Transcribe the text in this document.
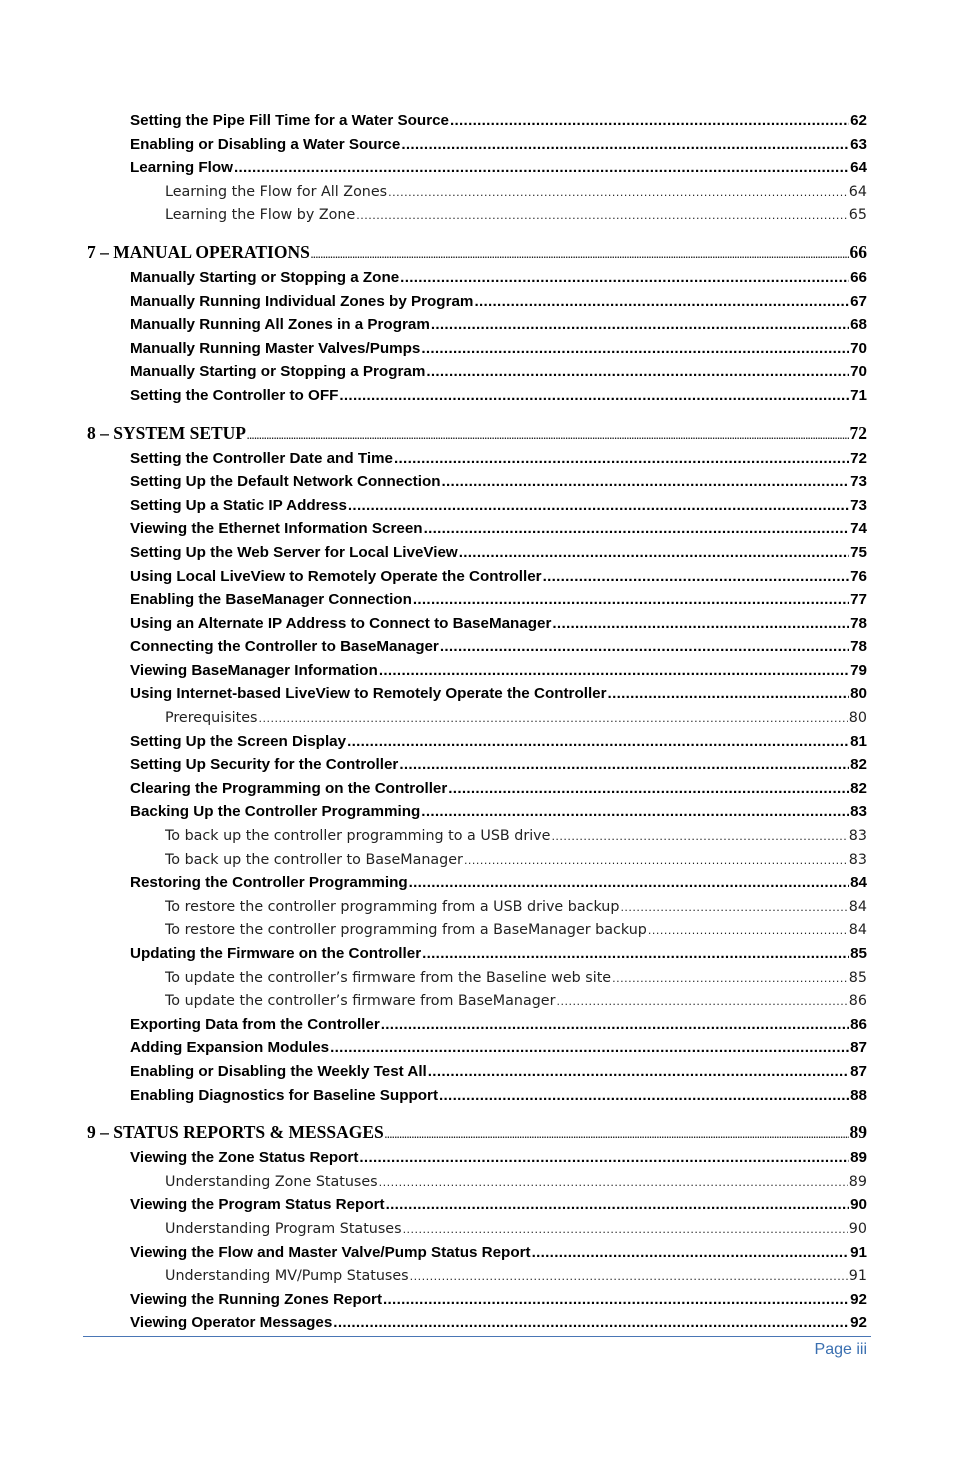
Setting the Pipe Fill Time for a Water Source .....	62
Enabling or Disabling a Water Source .....	63
Learning Flow .....	64
Learning the Flow for All Zones .....	64
Learning the Flow by Zone .....	65
7 – MANUAL OPERATIONS .....	66
Manually Starting or Stopping a Zone .....	66
Manually Running Individual Zones by Program .....	67
Manually Running All Zones in a Program .....	68
Manually Running Master Valves/Pumps .....	70
Manually Starting or Stopping a Program .....	70
Setting the Controller to OFF .....	71
8 – SYSTEM SETUP .....	72
Setting the Controller Date and Time .....	72
Setting Up the Default Network Connection .....	73
Setting Up a Static IP Address .....	73
Viewing the Ethernet Information Screen .....	74
Setting Up the Web Server for Local LiveView .....	75
Using Local LiveView to Remotely Operate the Controller .....	76
Enabling the BaseManager Connection .....	77
Using an Alternate IP Address to Connect to BaseManager .....	78
Connecting the Controller to BaseManager .....	78
Viewing BaseManager Information .....	79
Using Internet-based LiveView to Remotely Operate the Controller .....	80
Prerequisites .....	80
Setting Up the Screen Display .....	81
Setting Up Security for the Controller .....	82
Clearing the Programming on the Controller .....	82
Backing Up the Controller Programming .....	83
To back up the controller programming to a USB drive .....	83
To back up the controller to BaseManager .....	83
Restoring the Controller Programming .....	84
To restore the controller programming from a USB drive backup .....	84
To restore the controller programming from a BaseManager backup .....	84
Updating the Firmware on the Controller .....	85
To update the controller’s firmware from the Baseline web site .....	85
To update the controller’s firmware from BaseManager .....	86
Exporting Data from the Controller .....	86
Adding Expansion Modules .....	87
Enabling or Disabling the Weekly Test All .....	87
Enabling Diagnostics for Baseline Support .....	88
9 – STATUS REPORTS & MESSAGES .....	89
Viewing the Zone Status Report .....	89
Understanding Zone Statuses .....	89
Viewing the Program Status Report .....	90
Understanding Program Statuses .....	90
Viewing the Flow and Master Valve/Pump Status Report .....	91
Understanding MV/Pump Statuses .....	91
Viewing the Running Zones Report .....	92
Viewing Operator Messages .....	92
Page iii
